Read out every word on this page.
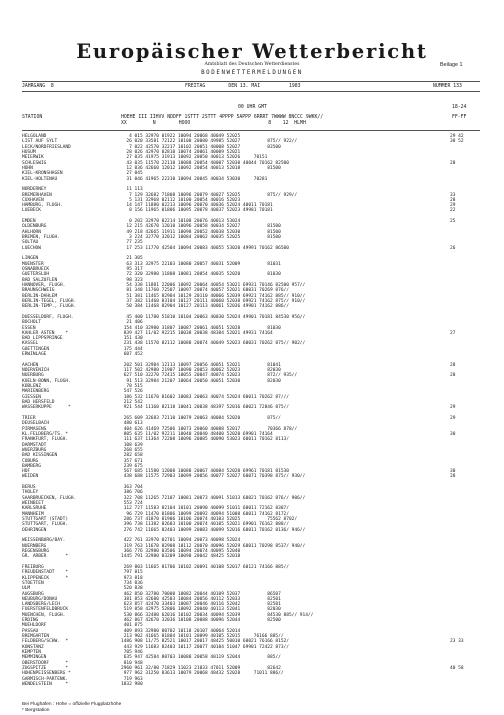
Europäischer Wetterbericht
Amtsblatt des Deutschen Wetterdienstes	Beilage 1
BODENWETTERMELDUNGEN
JAHRGANG  8	FREITAG        DEN 13. MAI          1983	NUMMER 133
00 UHR GMT
STATION	HOEHE III IIHVV NDDFF 1STTT 2STTT 4PPPP 5APPP 6RRRT 7WWWW 8NCCC 9WKK//
XX         N        HOOO                           8    12  HLMH
FF-FF
18-24
HELGOLAND	4 015 32970 01922 10094 20068 40049 52025	29 42
LIST AUF SYLT	26 020 33581 72122 10100 20080 49985 52027          875// 922//	38 52
LECK/NORDFRIESLAND	7 022 42570 32217 10102 20051 40008 52027          83500
HUSUM	28 026 42970 02810 10074 20061 40009 52021
MEIERWIK	27 035 41975 31913 10092 20050 40013 52026     70151
SCHLESWIG	43 035 11570 22110 10088 20054 40007 52030 40044 70162 82500	28
HOHN	12 036 42660 12012 10092 20054 40013 52018          81500
KIEL-KRONSHAGEN	27 045
KIEL-HOLTENAU	31 046 41965 22310 10094 20045 40034 53030     70281
NORDERNEY	11 113
BREMERHAVEN	7 129 32682 71808 10096 20079 40027 52025          875// 929//	33
CUXHAVEN	5 131 32968 02112 10100 20054 40016 52023	28
HAMBURG, FLUGH.	14 147 11880 02213 10096 20070 40036 52024 40011 70181	29
LUEBECK	8 156 11965 01806 10095 20078 40037 52023 49981 70181	22
EMDEN	0 202 32970 02214 10108 20076 40013 53024	25
OLDENBURG	12 215 42670 12010 10096 20058 40034 52027          81500
AHLHORN	49 218 42665 11911 10098 20052 40038 52030          81500
BREMEN, FLUGH.	3 224 32770 32012 10084 20062 40035 52025          81500
SOLTAU	77 235
LUECHOW	17 253 11770 42504 10094 20083 40055 53020 49991 70162 86500	26
LINGEN	21 305
MUENSTER	63 313 32975 22103 10080 20057 40031 52009          81031
OSNABRUECK	95 317
GUETERSLOH	72 320 32980 11808 10081 20054 40035 52020          81030
BAD SALZUFLEN	98 323
HANNOVER, FLUGH.	54 338 11881 22006 10092 20064 40054 53021 69931 70146 82500 957//
BRAUNSCHWEIG	81 348 11760 72507 10097 20074 40057 52021 60031 70269 876//
BERLIN-DAHLEM	51 381 11465 82904 10129 20110 40066 52039 69921 74162 885// 910//
BERLIN-TEGEL, FLUGH.	37 382 11460 83104 10127 20111 40060 52038 69921 74162 875// 910//
BERLIN-TEMP., FLUGH.	50 384 11468 82904 10127 20113 40061 52036 49901 74162 886//
DUESSELDORF, FLUGH.	45 400 11780 51810 10104 20063 40030 52024 49901 70181 84530 956//
BOCHOLT	21 406
ESSEN	154 410 32980 31807 10087 20061 40051 52028          81030
KAHLER ASTEN    *	839 427 11/02 92215 10038 20038 48384 52021 49931 74164	27
BAD LIPPSPRINGE	151 430
KASSEL	231 438 11570 82112 10088 20074 40049 52023 60031 70262 875// 902//
GOETTINGEN	175 444
ERWINLAGE	607 452
AACHEN	202 501 32984 12113 10097 20056 40051 52021          81041	28
NOERVENICH	117 502 42980 21907 10090 20053 40062 52023          82030
NUERBURG	627 510 32270 72415 10055 20047 40074 52023          872// 935//	28
KOELN-BONN, FLUGH.	91 513 32984 21207 10064 20050 40051 52030          82030
KOBLENZ	70 515
MARIENBERG	547 526
GIESSEN	186 532 11670 81602 10083 20063 40074 52024 60011 70262 87///
BAD HERSFELD	212 542
WASSERKUPPE      *	921 544 11160 82118 10041 20038 48397 52016 60021 72846 875//	29
TRIER	265 609 32683 72110 10079 20063 40084 52020          875//	29
DEUSELBACH	480 613
PIRMASENS	404 626 41469 72506 10073 20060 40088 52017          70366 878//
KL.FELDBERG/TS. *	805 635 11/02 92211 10040 20040 48400 52020 69901 74164	30
FRANKFURT, FLUGH.	111 637 11364 72208 10096 20085 40090 53023 60011 70162 8113/
DARMSTADT	108 639
WUERZBURG	268 655
BAD KISSINGEN	282 658
COBURG	357 671
BAMBERG	239 675
HOF	567 685 11580 12008 10088 20067 40084 52020 69961 70181 81530	30
WEIDEN	438 688 11575 72903 10099 20056 40077 52027 60071 70398 875// 930//	28
BERUS	363 704
THOLEY	386 706
SAARBRUECKEN, FLUGH.	322 708 11265 72107 10081 20073 40091 51013 60021 70162 876// 906//
WEINBIET	553 724
KARLSRUHE	112 727 11583 82104 10101 20090 40099 51011 60011 72162 8387/
MANNHEIM	96 729 11470 81806 10099 20092 40094 51008 60011 74162 8172/
STUTTGART (STADT)	286 737 41870 81906 10106 20074 40103 52025          75562 8702/
STUTTGART, FLUGH.	396 738 11382 82603 10100 20074 40105 52021 69901 76162 888//
OEHRINGEN	276 742 11665 82403 10099 20083 40099 52016 60011 70162 8136/ 946//
WEISSENBURG/BAY.	422 761 32970 02701 10094 20073 40098 52024
NUERNBERG	319 763 11670 82908 10112 20070 40096 52029 60011 70298 8537/ 940//
REGENSBURG	366 776 32980 03506 10094 20074 40095 52040
GR. ARBER       *	1445 791 32980 03209 10090 20042 48425 52018
FREIBURG	269 803 11665 81706 10102 20091 40108 52017 60121 74166 885//
FREUDENSTADT    *	797 815
KLIPPENECK      *	973 818
STOETTEN	734 836
ULM	520 838
AUGSBURG	462 850 32780 70000 10082 20044 40109 52037          86507
NEUBURG/DONAU	381 853 42680 42503 10084 20056 40112 52033          82501
LANDSBERG/LECH	623 857 42470 33403 10087 20046 40116 52042          82501
FUERSTENFELDBRUCK	519 858 42975 52806 10092 20040 40113 52041          82030
MUENCHEN, FLUGH.	530 866 32480 62016 10102 20034 40094 52039          84530 885// 914//
ERDING	462 867 42670 32036 10108 20088 40096 52044          82500
MUEHLDORF	401 875
PASSAU	409 893 32980 80702 10118 20107 40064 52014
BREMGARTEN	213 902 41665 81804 10101 20099 40105 52015     76166 885//
FELDBERG/SCHW.  *	1486 908 11/75 82521 10017 20017 48425 50010 60021 76166 8152/	23 33
KONSTANZ	443 929 11683 82403 10117 20077 40104 51047 69901 72422 873//
KEMPTEN	705 946
MEMMINGEN	635 947 42584 80703 10088 20058 40119 52044          885//
OBERSTDORF      *	810 948
ZUGSPITZE       *	2960 961 32/80 71829 11023 21033 47011 52009          82642	40 58
HOHENPEISSENBERG *	977 962 31250 83613 10079 20068 48432 52028     71011 886//
GARMISCH-PARTENK.	719 963
WENDELSTEIN     *	1832 980
Bei Flughäfen : Höhe = offizielle Flugplatzhöhe
* Bergstation
